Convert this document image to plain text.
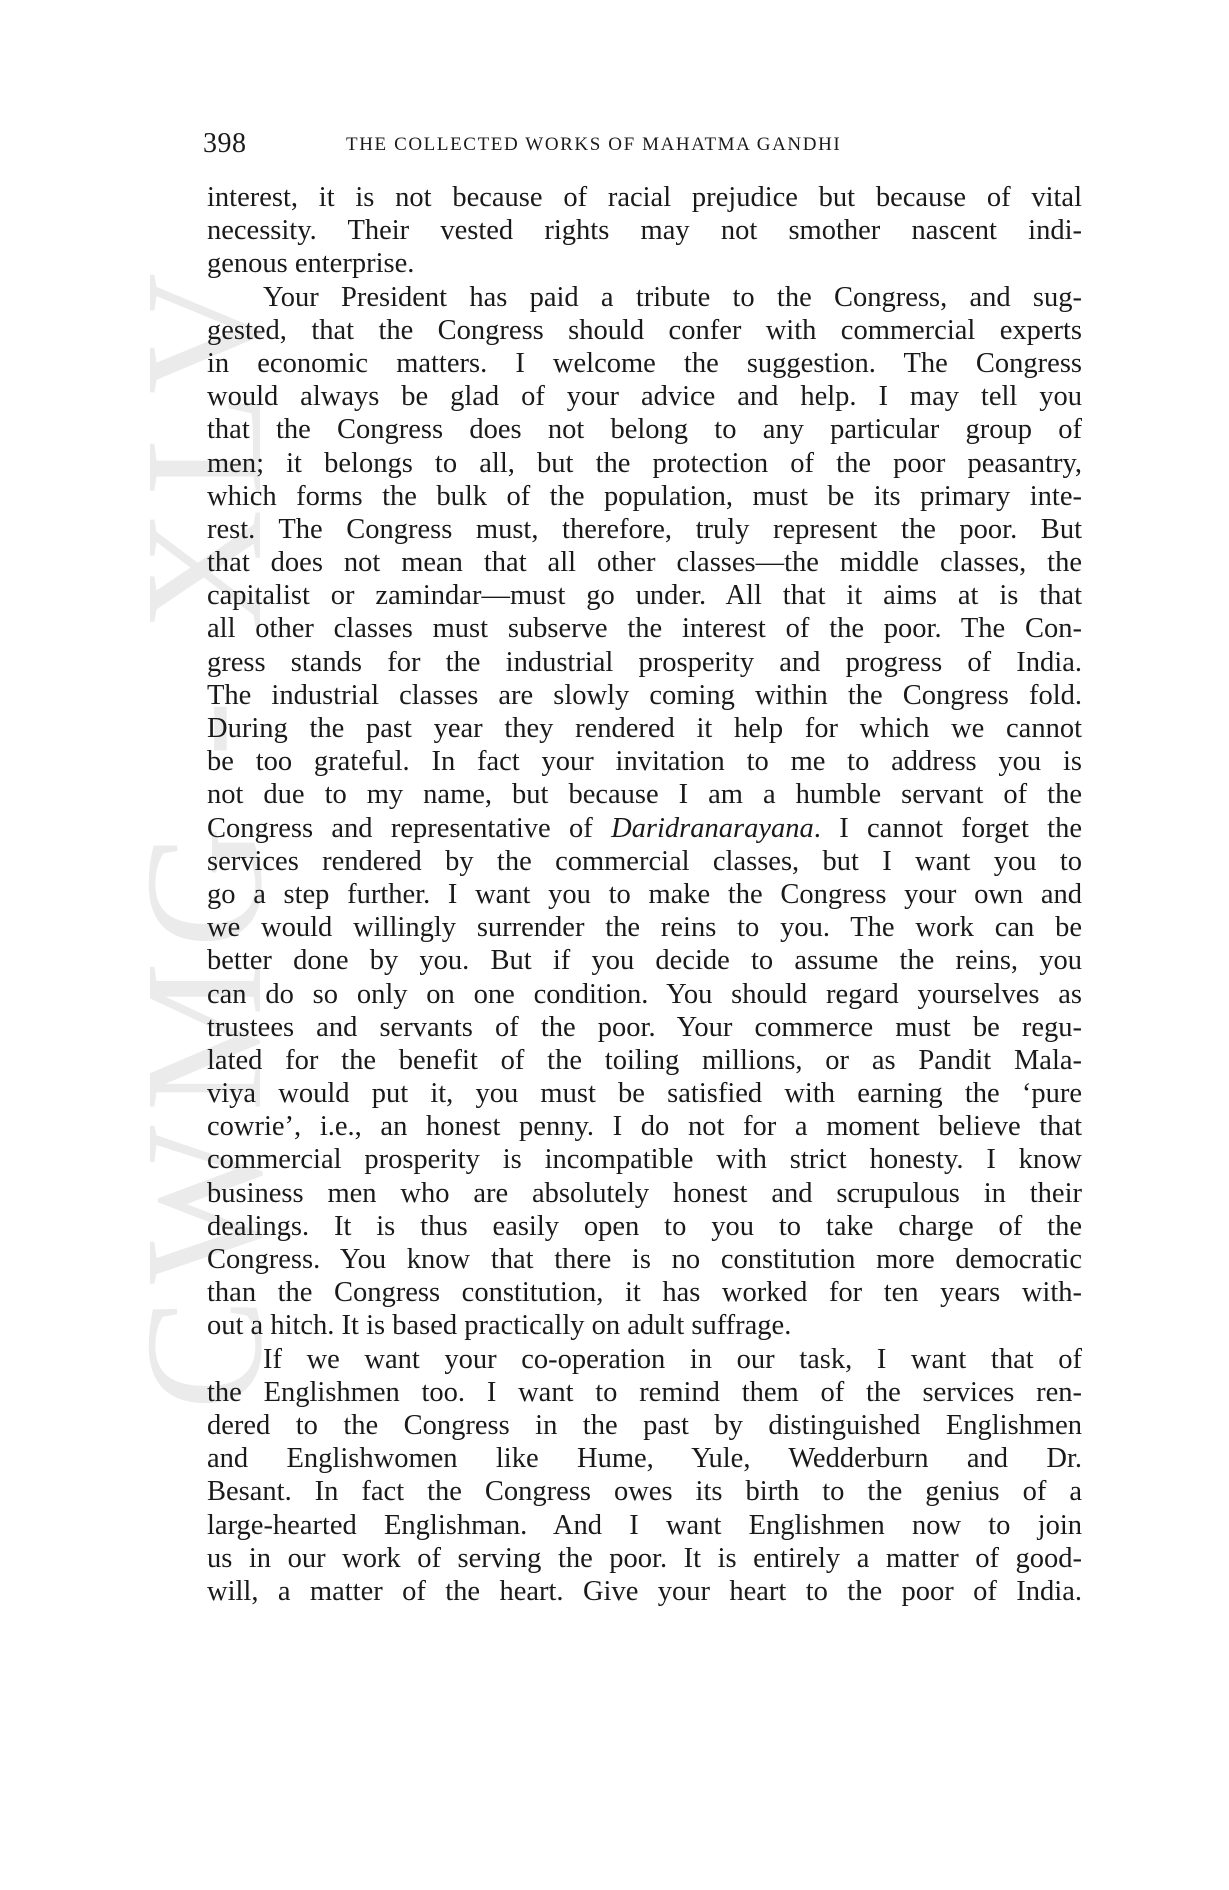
CWMG - XLV
398	THE COLLECTED WORKS OF MAHATMA GANDHI
interest, it is not because of racial prejudice but because of vital
necessity. Their vested rights may not smother nascent indi-
genous enterprise.
Your President has paid a tribute to the Congress, and sug-
gested, that the Congress should confer with commercial experts
in economic matters. I welcome the suggestion. The Congress
would always be glad of your advice and help. I may tell you
that the Congress does not belong to any particular group of
men; it belongs to all, but the protection of the poor peasantry,
which forms the bulk of the population, must be its primary inte-
rest. The Congress must, therefore, truly represent the poor. But
that does not mean that all other classes—the middle classes, the
capitalist or zamindar—must go under. All that it aims at is that
all other classes must subserve the interest of the poor. The Con-
gress stands for the industrial prosperity and progress of India.
The industrial classes are slowly coming within the Congress fold.
During the past year they rendered it help for which we cannot
be too grateful. In fact your invitation to me to address you is
not due to my name, but because I am a humble servant of the
Congress and representative of Daridranarayana. I cannot forget the
services rendered by the commercial classes, but I want you to
go a step further. I want you to make the Congress your own and
we would willingly surrender the reins to you. The work can be
better done by you. But if you decide to assume the reins, you
can do so only on one condition. You should regard yourselves as
trustees and servants of the poor. Your commerce must be regu-
lated for the benefit of the toiling millions, or as Pandit Mala-
viya would put it, you must be satisfied with earning the ‘pure
cowrie’, i.e., an honest penny. I do not for a moment believe that
commercial prosperity is incompatible with strict honesty. I know
business men who are absolutely honest and scrupulous in their
dealings. It is thus easily open to you to take charge of the
Congress. You know that there is no constitution more democratic
than the Congress constitution, it has worked for ten years with-
out a hitch. It is based practically on adult suffrage.
If we want your co-operation in our task, I want that of
the Englishmen too. I want to remind them of the services ren-
dered to the Congress in the past by distinguished Englishmen
and Englishwomen like Hume, Yule, Wedderburn and Dr.
Besant. In fact the Congress owes its birth to the genius of a
large-hearted Englishman. And I want Englishmen now to join
us in our work of serving the poor. It is entirely a matter of good-
will, a matter of the heart. Give your heart to the poor of India.
